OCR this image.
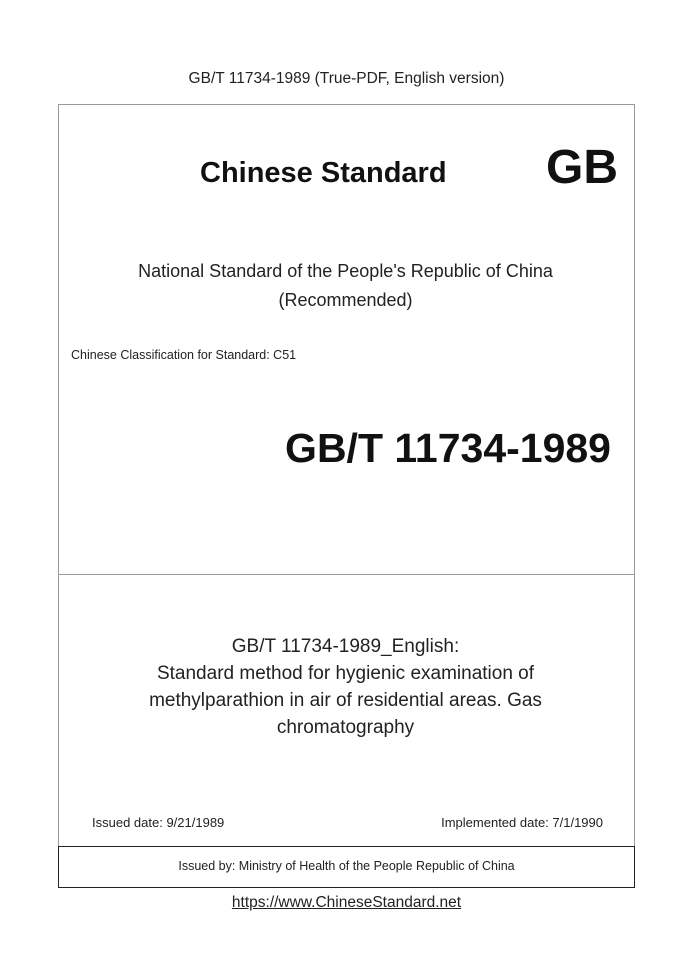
GB/T 11734-1989 (True-PDF, English version)
Issued by: Ministry of Health of the People Republic of China
Chinese Standard GB
National Standard of the People's Republic of China
(Recommended)
Chinese Classification for Standard: C51
GB/T 11734-1989
GB/T 11734-1989_English:
Standard method for hygienic examination of
methylparathion in air of residential areas. Gas
chromatography
Issued date: 9/21/1989	Implemented date: 7/1/1990
https://www.ChineseStandard.net
